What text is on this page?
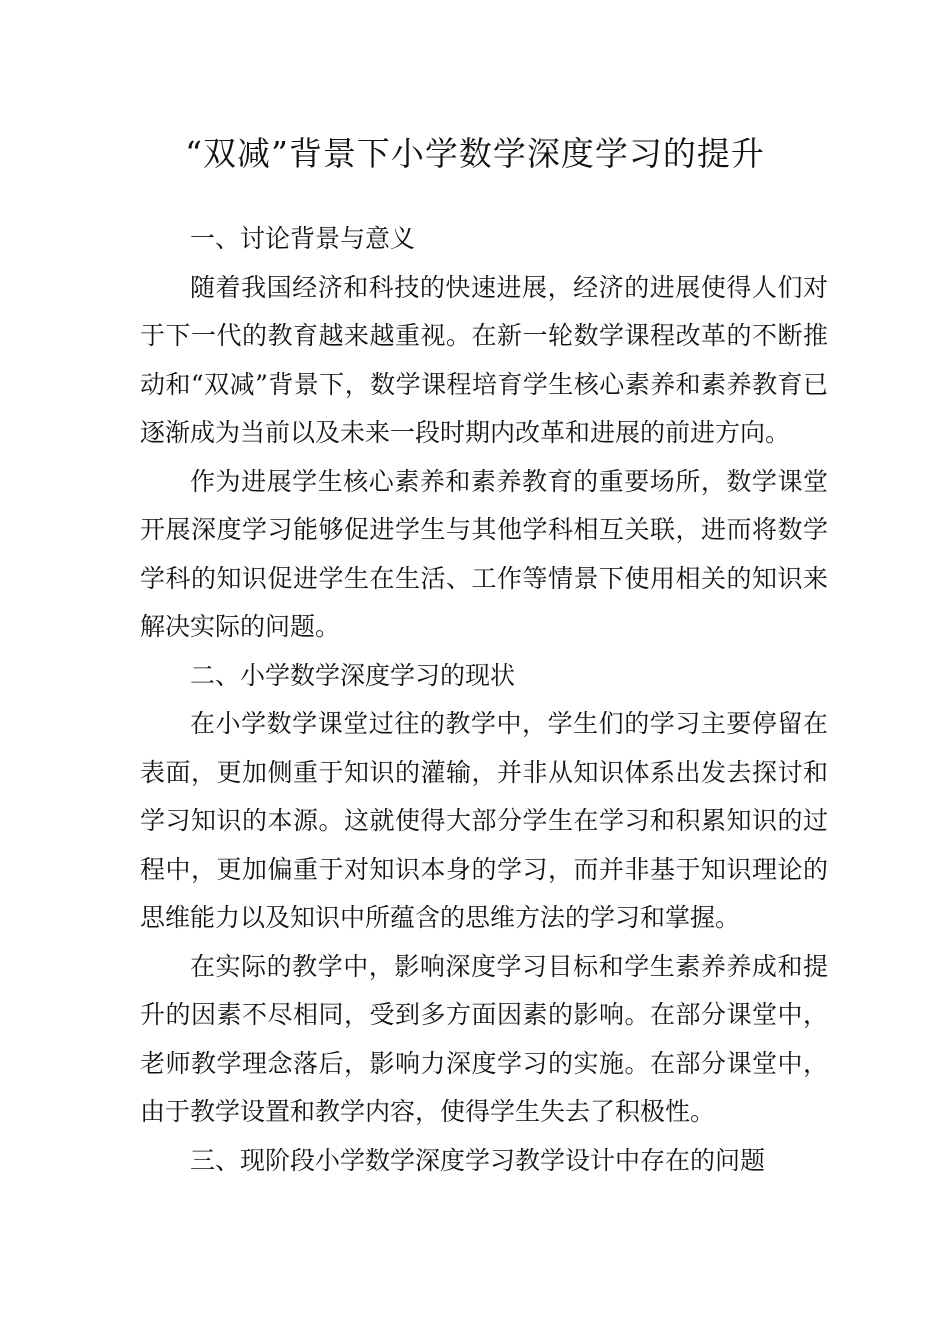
“双减”背景下小学数学深度学习的提升

一、讨论背景与意义

随着我国经济和科技的快速进展，经济的进展使得人们对于下一代的教育越来越重视。在新一轮数学课程改革的不断推动和“双减”背景下，数学课程培育学生核心素养和素养教育已逐渐成为当前以及未来一段时期内改革和进展的前进方向。

作为进展学生核心素养和素养教育的重要场所，数学课堂开展深度学习能够促进学生与其他学科相互关联，进而将数学学科的知识促进学生在生活、工作等情景下使用相关的知识来解决实际的问题。

二、小学数学深度学习的现状

在小学数学课堂过往的教学中，学生们的学习主要停留在表面，更加侧重于知识的灌输，并非从知识体系出发去探讨和学习知识的本源。这就使得大部分学生在学习和积累知识的过程中，更加偏重于对知识本身的学习，而并非基于知识理论的思维能力以及知识中所蕴含的思维方法的学习和掌握。

在实际的教学中，影响深度学习目标和学生素养养成和提升的因素不尽相同，受到多方面因素的影响。在部分课堂中，老师教学理念落后，影响力深度学习的实施。在部分课堂中，由于教学设置和教学内容，使得学生失去了积极性。

三、现阶段小学数学深度学习教学设计中存在的问题
